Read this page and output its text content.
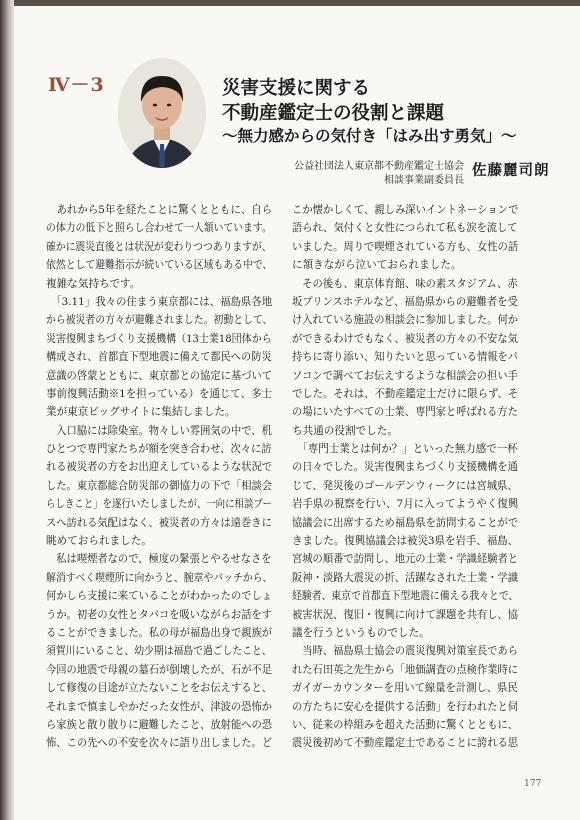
Ⅳ－3	災害支援に関する
不動産鑑定士の役割と課題
～無力感からの気付き「はみ出す勇気」～
公益社団法人東京都不動産鑑定士協会
相談事業副委員長
佐藤麗司朗
　あれから5年を経たことに驚くとともに、自ら
の体力の低下と照らし合わせて一人頷いています。
確かに震災直後とは状況が変わりつつありますが、
依然として避難指示が続いている区域もある中で、
複雑な気持ちです。
　「3.11」我々の住まう東京都には、福島県各地
から被災者の方々が避難されました。初動として、
災害復興まちづくり支援機構（13士業18団体から
構成され、首都直下型地震に備えて都民への防災
意識の啓蒙とともに、東京都との協定に基づいて
事前復興活動※1を担っている）を通じて、多士
業が東京ビッグサイトに集結しました。
　入口脇には除染室。物々しい雰囲気の中で、机
ひとつで専門家たちが額を突き合わせ、次々に訪
れる被災者の方をお出迎えしているような状況で
した。東京都総合防災部の御協力の下で「相談会
らしきこと」を遂行いたしましたが、一向に相談ブー
スへ訪れる気配はなく、被災者の方々は遠巻きに
眺めておられました。
　私は喫煙者なので、極度の緊張とやるせなさを
解消すべく喫煙所に向かうと、腕章やバッチから、
何かしら支援に来ていることがわかったのでしょ
うか。初老の女性とタバコを吸いながらお話をす
ることができました。私の母が福島出身で親族が
須賀川にいること、幼少期は福島で過ごしたこと、
今回の地震で母親の墓石が倒壊したが、石が不足
して修復の目途が立たないことをお伝えすると、
それまで慎ましやかだった女性が、津波の恐怖か
ら家族と散り散りに避難したこと、放射能への恐
怖、この先への不安を次々に語り出しました。ど
こか懐かしくて、親しみ深いイントネーションで
語られ、気付くと女性につられて私も涙を流して
いました。周りで喫煙されている方も、女性の話
に頷きながら泣いておられました。
　その後も、東京体育館、味の素スタジアム、赤
坂プリンスホテルなど、福島県からの避難者を受
け入れている施設の相談会に参加しました。何か
ができるわけでもなく、被災者の方々の不安な気
持ちに寄り添い、知りたいと思っている情報をパ
ソコンで調べてお伝えするような相談会の担い手
でした。それは、不動産鑑定士だけに限らず、そ
の場にいたすべての士業、専門家と呼ばれる方た
ち共通の役割でした。
　「専門士業とは何か？」といった無力感で一杯
の日々でした。災害復興まちづくり支援機構を通
じて、発災後のゴールデンウィークには宮城県、
岩手県の視察を行い、7月に入ってようやく復興
協議会に出席するため福島県を訪問することがで
きました。復興協議会は被災3県を岩手、福島、
宮城の順番で訪問し、地元の士業・学識経験者と
阪神・淡路大震災の折、活躍なされた士業・学識
経験者、東京で首都直下型地震に備える我々とで、
被害状況、復旧・復興に向けて課題を共有し、協
議を行うというものでした。
　当時、福島県士協会の震災復興対策室長であら
れた石田英之先生から「地価調査の点検作業時に
ガイガーカウンターを用いて線量を計測し、県民
の方たちに安心を提供する活動」を行われたと伺
い、従来の枠組みを超えた活動に驚くとともに、
震災後初めて不動産鑑定士であることに誇れる思
177
